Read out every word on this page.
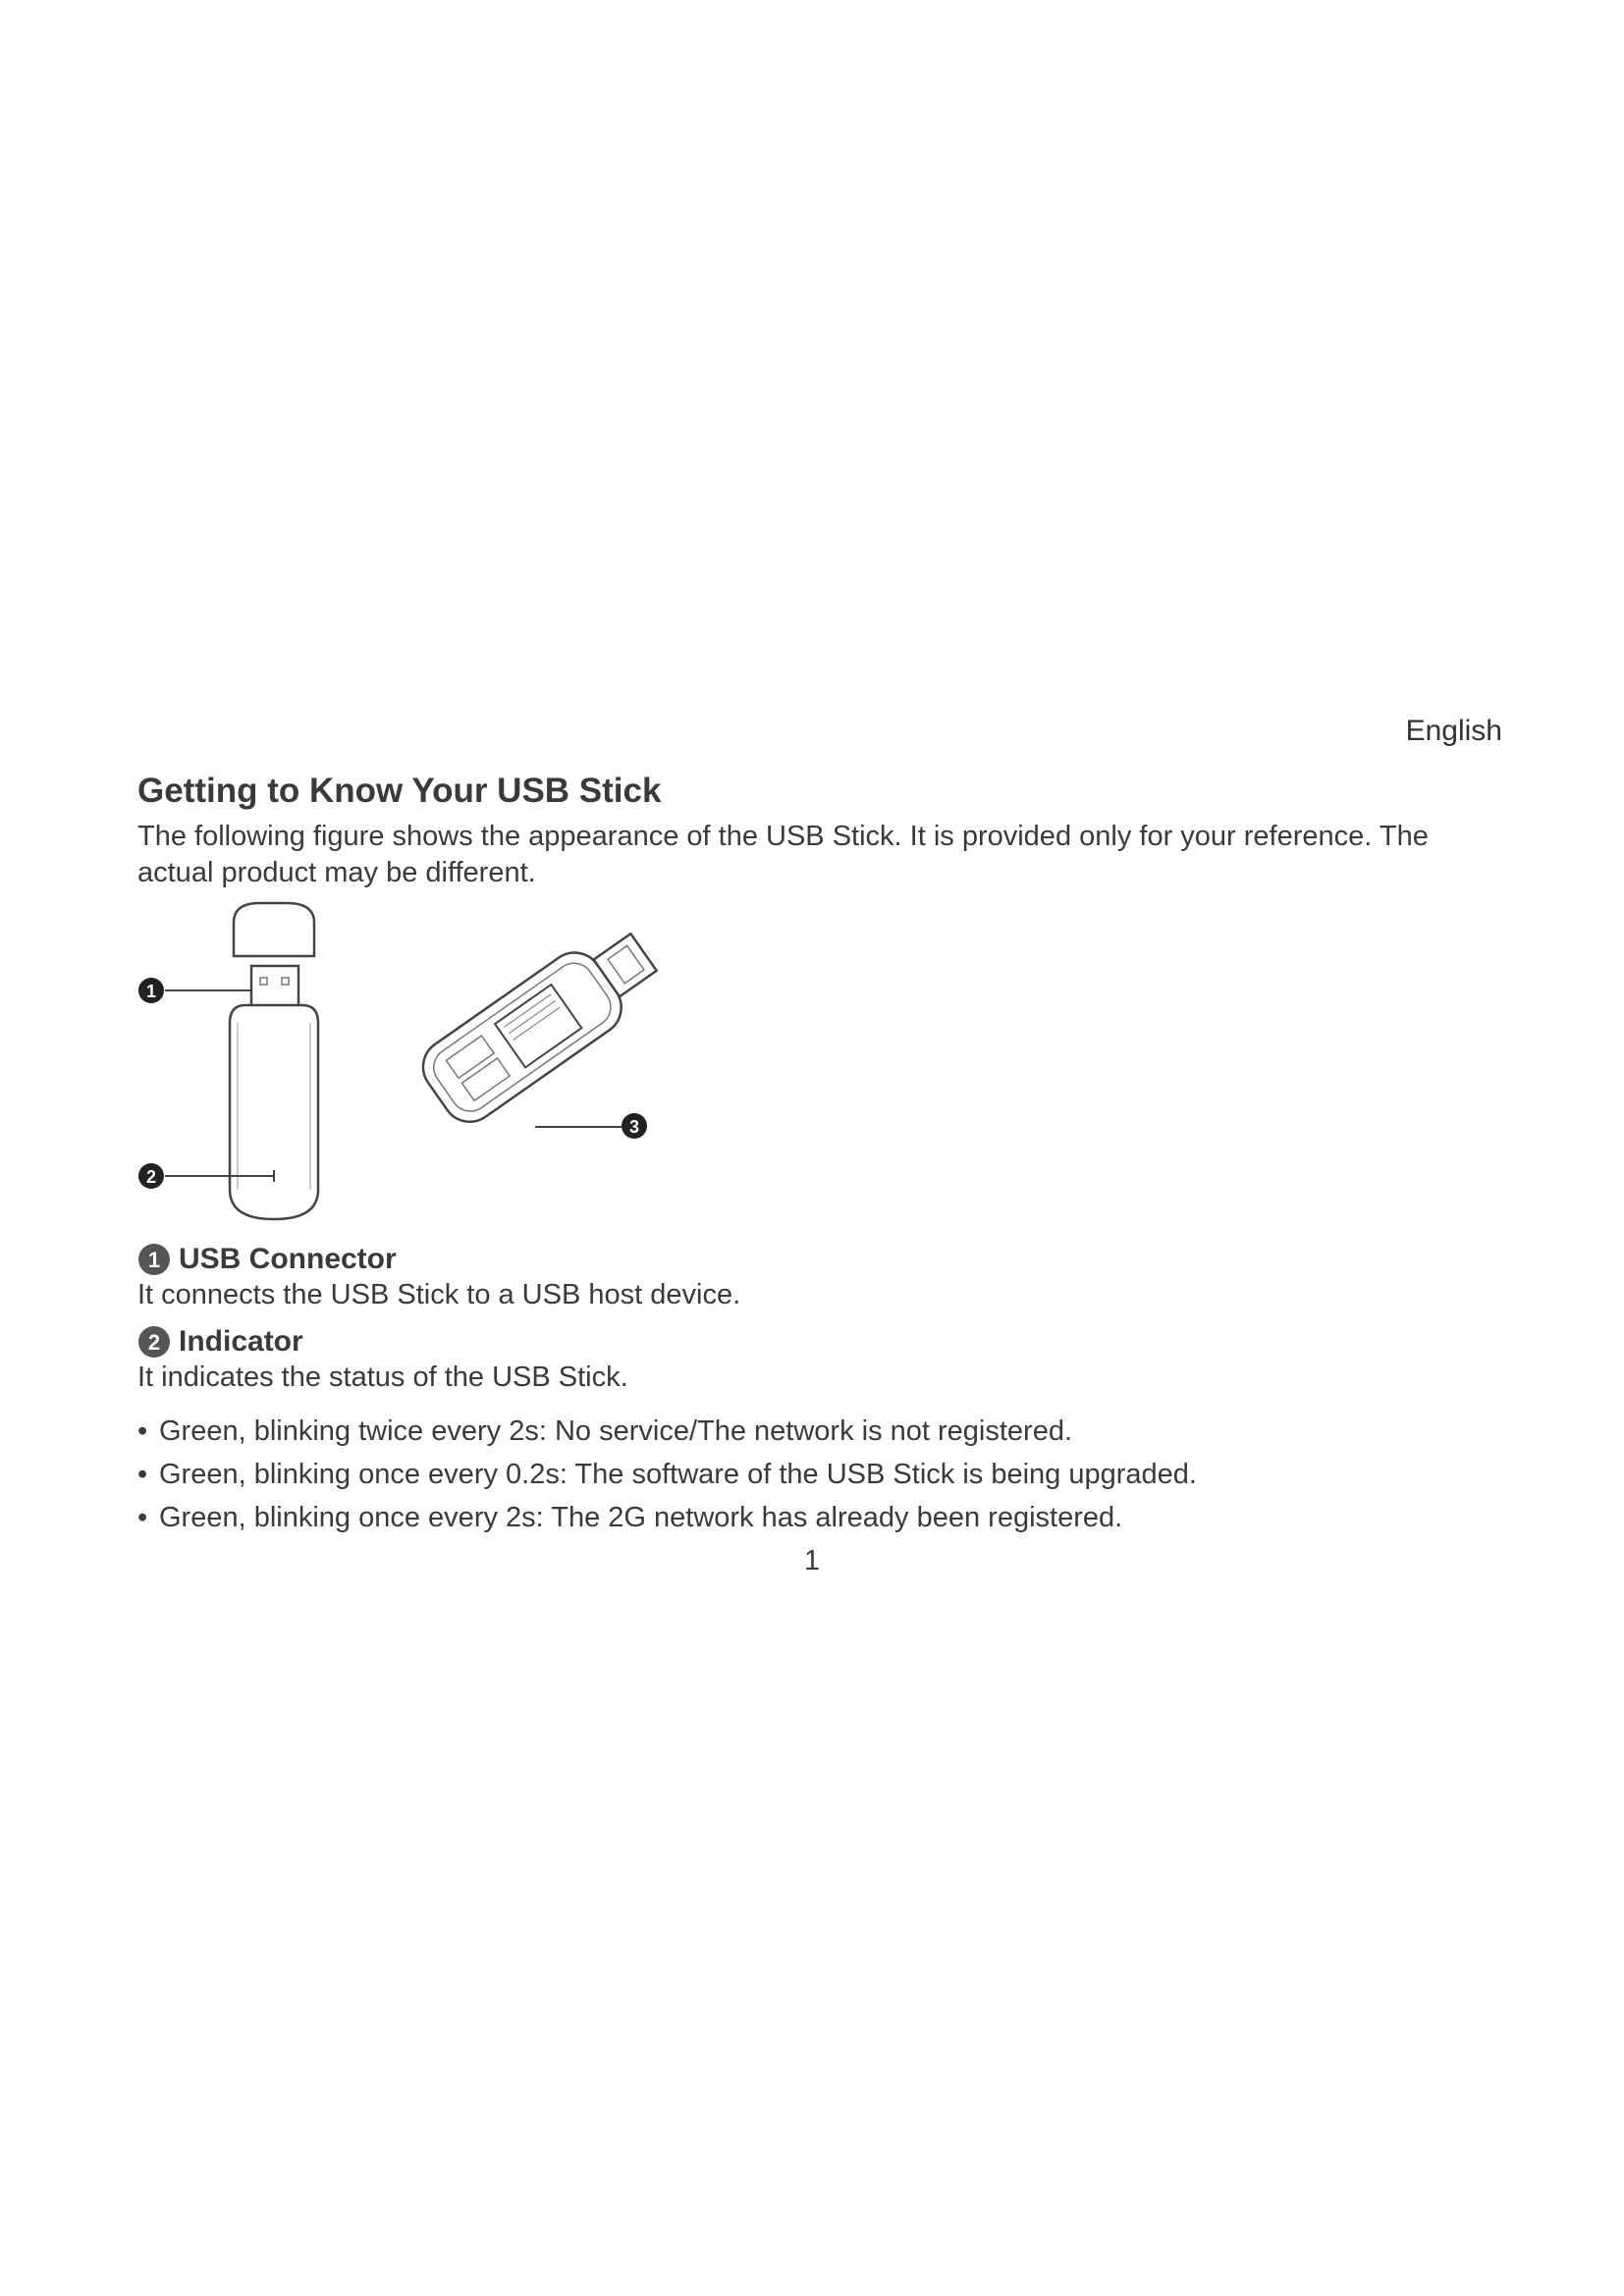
English
Getting to Know Your USB Stick

The following figure shows the appearance of the USB Stick. It is provided only for your reference. The actual product may be different.

1
2
3
1 USB Connector

It connects the USB Stick to a USB host device.

2 Indicator

It indicates the status of the USB Stick.

• Green, blinking twice every 2s: No service/The network is not registered.
• Green, blinking once every 0.2s: The software of the USB Stick is being upgraded.
• Green, blinking once every 2s: The 2G network has already been registered.
1
